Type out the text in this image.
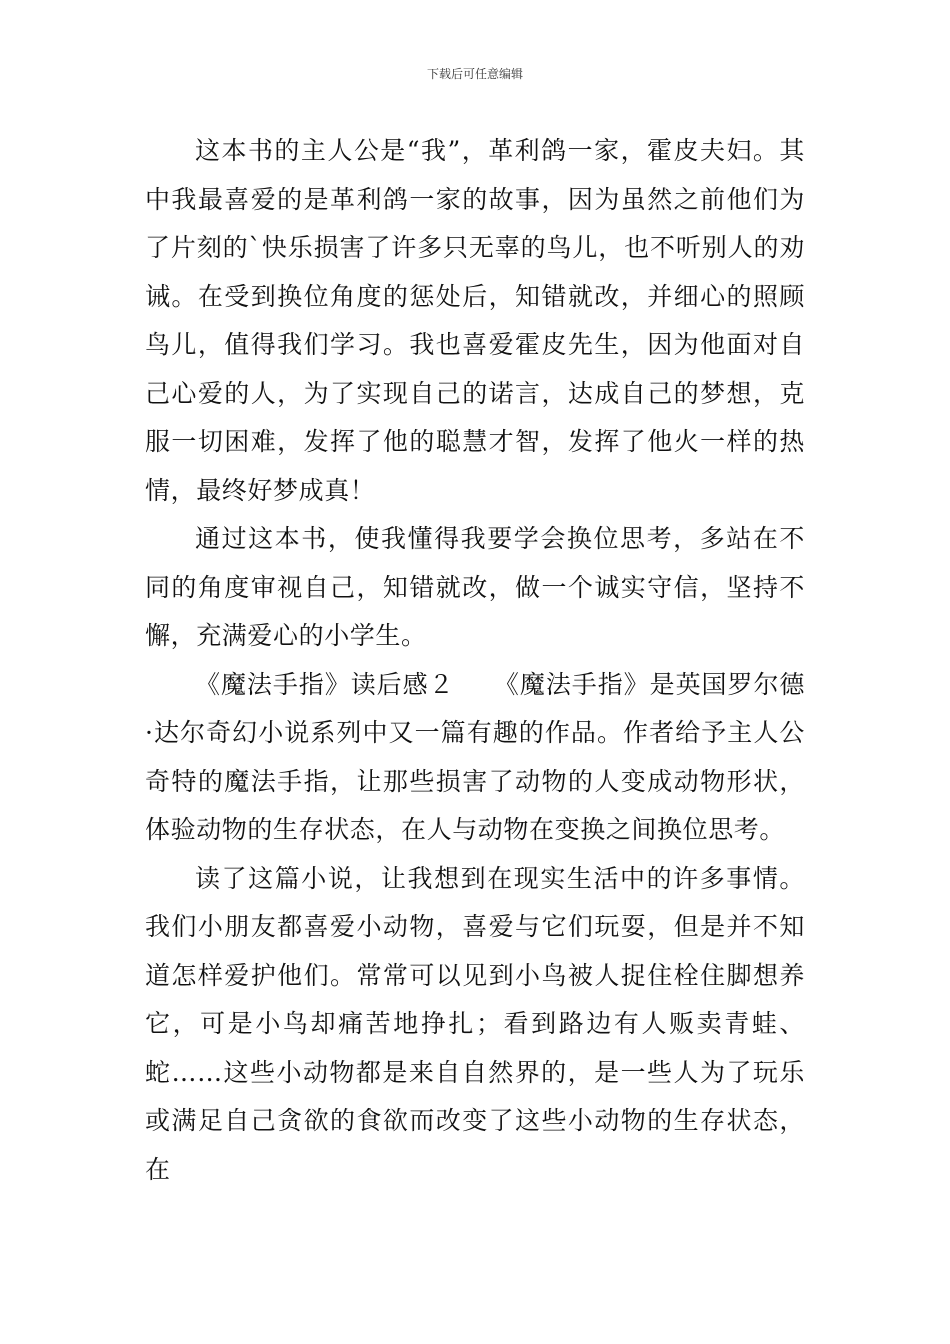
下载后可任意编辑

这本书的主人公是“我”，革利鸽一家，霍皮夫妇。其中我最喜爱的是革利鸽一家的故事，因为虽然之前他们为了片刻的`快乐损害了许多只无辜的鸟儿，也不听别人的劝诫。在受到换位角度的惩处后，知错就改，并细心的照顾鸟儿，值得我们学习。我也喜爱霍皮先生，因为他面对自己心爱的人，为了实现自己的诺言，达成自己的梦想，克服一切困难，发挥了他的聪慧才智，发挥了他火一样的热情，最终好梦成真！

通过这本书，使我懂得我要学会换位思考，多站在不同的角度审视自己，知错就改，做一个诚实守信，坚持不懈，充满爱心的小学生。

《魔法手指》读后感２　　《魔法手指》是英国罗尔德·达尔奇幻小说系列中又一篇有趣的作品。作者给予主人公奇特的魔法手指，让那些损害了动物的人变成动物形状，体验动物的生存状态，在人与动物在变换之间换位思考。

读了这篇小说，让我想到在现实生活中的许多事情。我们小朋友都喜爱小动物，喜爱与它们玩耍，但是并不知道怎样爱护他们。常常可以见到小鸟被人捉住栓住脚想养它，可是小鸟却痛苦地挣扎；看到路边有人贩卖青蛙、蛇……这些小动物都是来自自然界的，是一些人为了玩乐或满足自己贪欲的食欲而改变了这些小动物的生存状态，在
